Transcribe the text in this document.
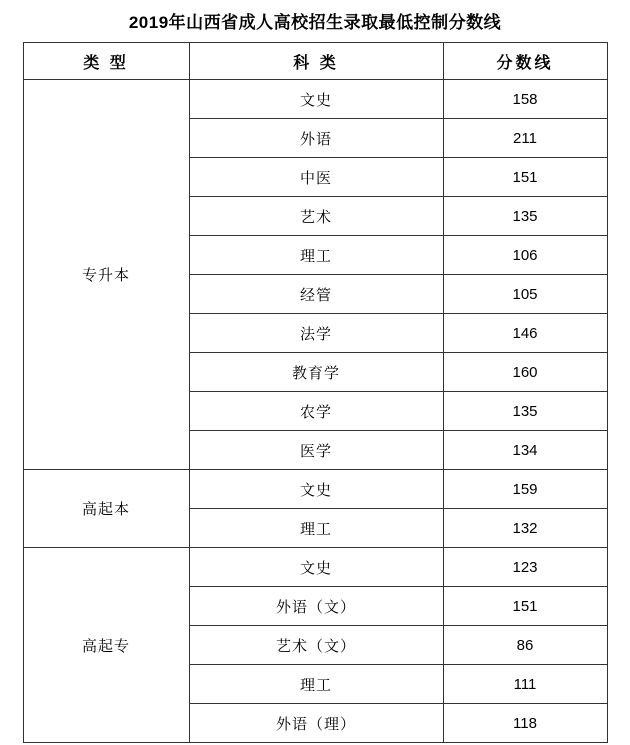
2019年山西省成人高校招生录取最低控制分数线
类 型	科 类	分数线
专升本	文史	158
	外语	211
	中医	151
	艺术	135
	理工	106
	经管	105
	法学	146
	教育学	160
	农学	135
	医学	134
高起本	文史	159
	理工	132
高起专	文史	123
	外语（文）	151
	艺术（文）	86
	理工	111
	外语（理）	118
